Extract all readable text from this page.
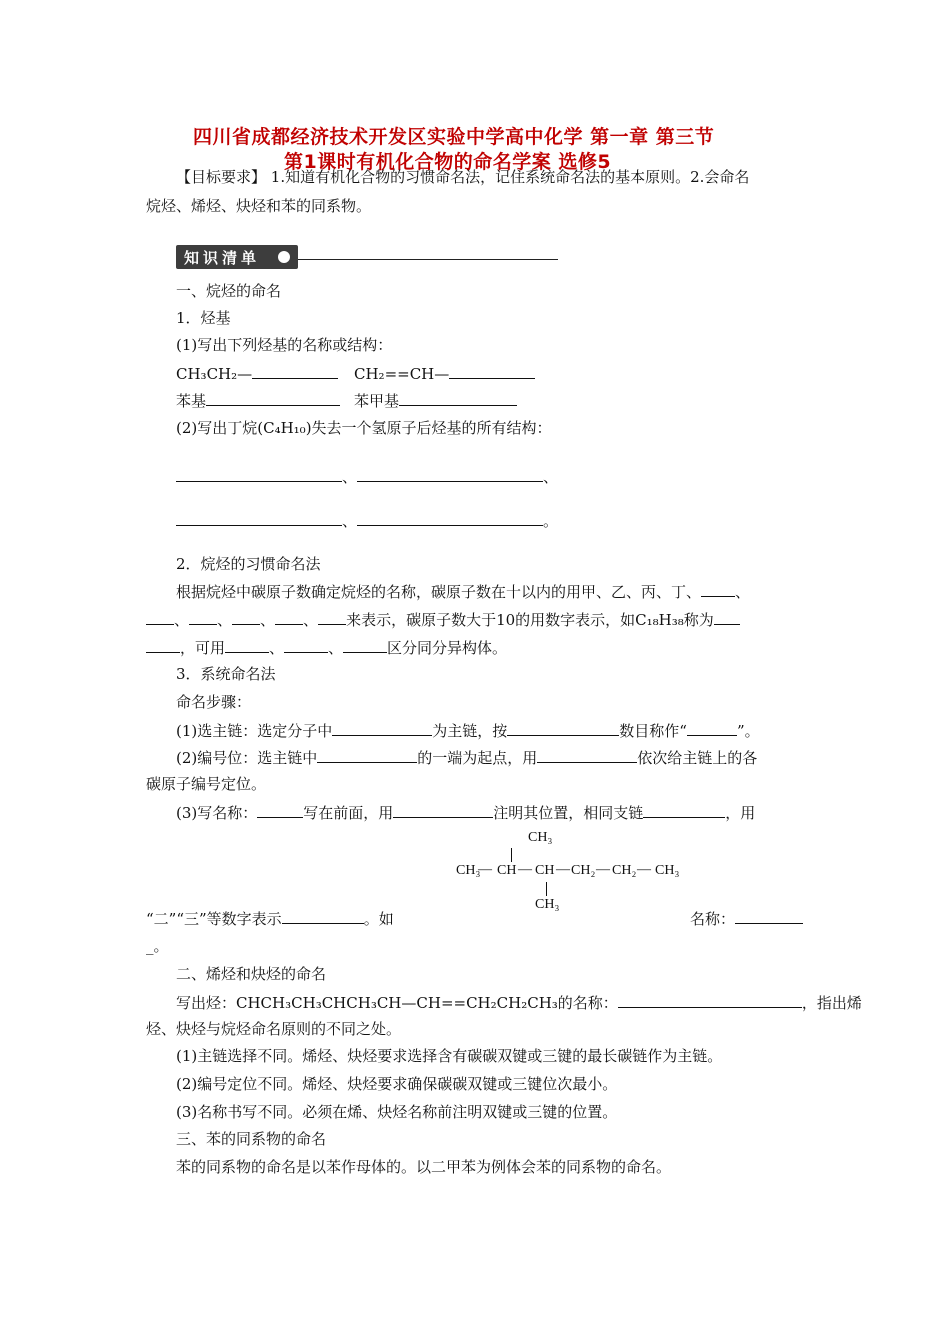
四川省成都经济技术开发区实验中学高中化学 第一章 第三节
第1课时有机化合物的命名学案 选修5
【目标要求】 1.知道有机化合物的习惯命名法，记住系统命名法的基本原则。2.会命名
烷烃、烯烃、炔烃和苯的同系物。
知识清单
一、烷烃的命名
1．烃基
(1)写出下列烃基的名称或结构：
CH₃CH₂—	CH₂==CH—
苯基	苯甲基
(2)写出丁烷(C₄H₁₀)失去一个氢原子后烃基的所有结构：
、	、
、	。
2．烷烃的习惯命名法
根据烷烃中碳原子数确定烷烃的名称，碳原子数在十以内的用甲、乙、丙、丁、 、
、 、 、 、 来表示，碳原子数大于10的用数字表示，如C₁₈H₃₈称为
，可用	、	、	区分同分异构体。
3．系统命名法
命名步骤：
(1)选主链：选定分子中	为主链，按	数目称作“	”。
(2)编号位：选主链中	的一端为起点，用	依次给主链上的各
碳原子编号定位。
(3)写名称：	写在前面，用	注明其位置，相同支链	，用
CH₃
CH₃
— CH — CH — CH₂ — CH₂ — CH₃
CH₃
“二”“三”等数字表示	。如	名称：
_。
二、烯烃和炔烃的命名
写出烃：CHCH₃CH₃CHCH₃CH—CH==CH₂CH₂CH₃的名称：	，指出烯
烃、炔烃与烷烃命名原则的不同之处。
(1)主链选择不同。烯烃、炔烃要求选择含有碳碳双键或三键的最长碳链作为主链。
(2)编号定位不同。烯烃、炔烃要求确保碳碳双键或三键位次最小。
(3)名称书写不同。必须在烯、炔烃名称前注明双键或三键的位置。
三、苯的同系物的命名
苯的同系物的命名是以苯作母体的。以二甲苯为例体会苯的同系物的命名。
